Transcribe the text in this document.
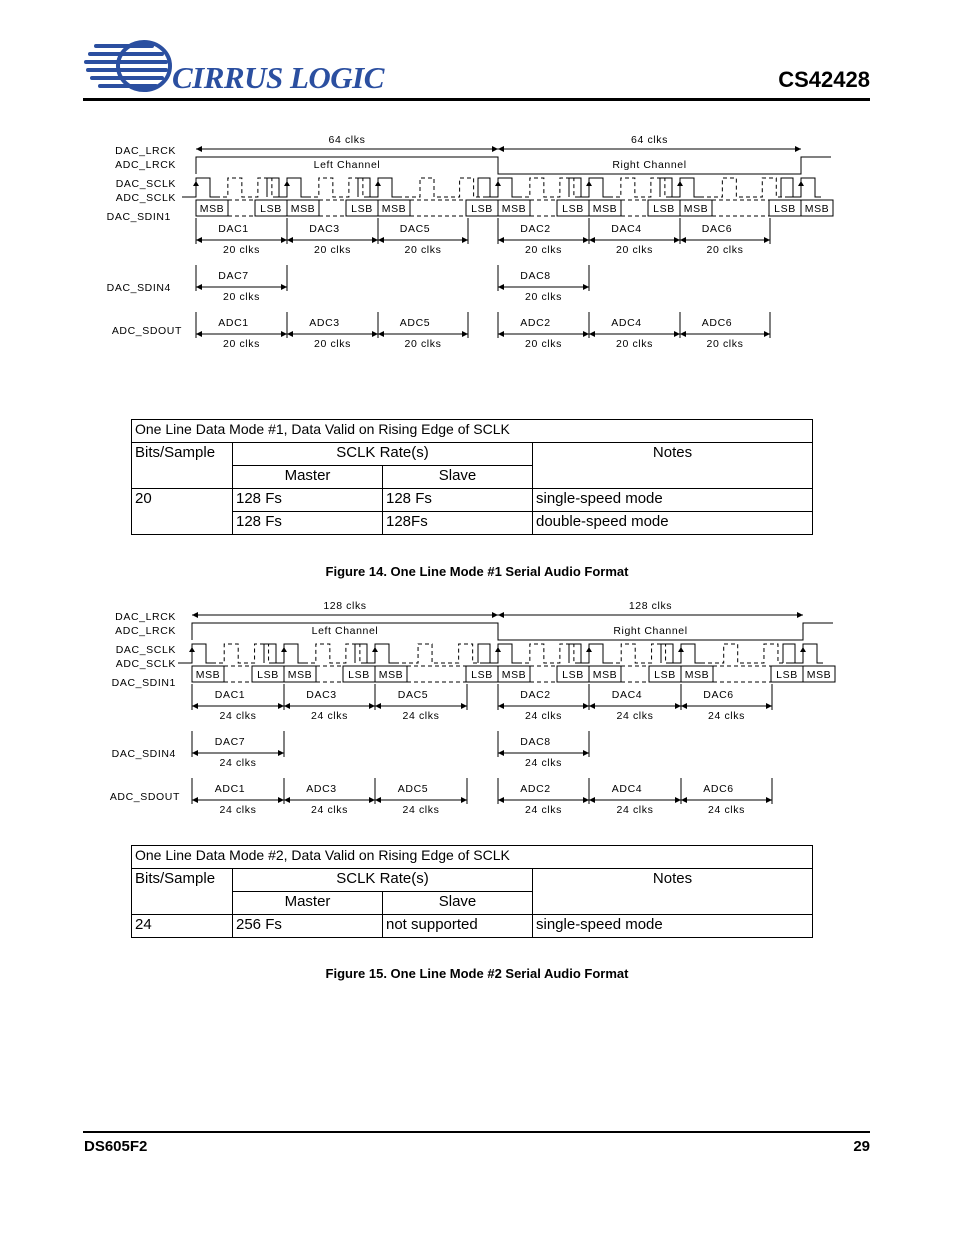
CIRRUS LOGIC	CS42428
DAC_LRCK
ADC_LRCK
DAC_SCLK
ADC_SCLK
DAC_SDIN1
DAC_SDIN4
ADC_SDOUT
64 clks	64 clks
Left Channel	Right Channel
MSB	LSB MSB	LSB MSB	LSB MSB	LSB MSB	LSB MSB	LSB MSB
DAC1
20 clks
DAC3
20 clks
DAC5
20 clks
DAC2
20 clks
DAC4
20 clks
DAC6
20 clks
DAC7
20 clks
DAC8
20 clks
ADC1
20 clks
ADC3
20 clks
ADC5
20 clks
ADC2
20 clks
ADC4
20 clks
ADC6
20 clks
One Line Data Mode #1, Data Valid on Rising Edge of SCLK			
Bits/Sample	SCLK Rate(s)		Notes
	Master	Slave	
20	128 Fs	128 Fs	single-speed mode
	128 Fs	128Fs	double-speed mode
Figure 14. One Line Mode #1 Serial Audio Format
DAC_LRCK
ADC_LRCK
DAC_SCLK
ADC_SCLK
DAC_SDIN1
DAC_SDIN4
ADC_SDOUT
128 clks	128 clks
Left Channel	Right Channel
MSB	LSB MSB	LSB MSB	LSB MSB	LSB MSB	LSB MSB	LSB MSB
DAC1
24 clks
DAC3
24 clks
DAC5
24 clks
DAC2
24 clks
DAC4
24 clks
DAC6
24 clks
DAC7
24 clks
DAC8
24 clks
ADC1
24 clks
ADC3
24 clks
ADC5
24 clks
ADC2
24 clks
ADC4
24 clks
ADC6
24 clks
One Line Data Mode #2, Data Valid on Rising Edge of SCLK			
Bits/Sample	SCLK Rate(s)		Notes
	Master	Slave	
24	256 Fs	not supported	single-speed mode
Figure 15. One Line Mode #2 Serial Audio Format
DS605F2	29
